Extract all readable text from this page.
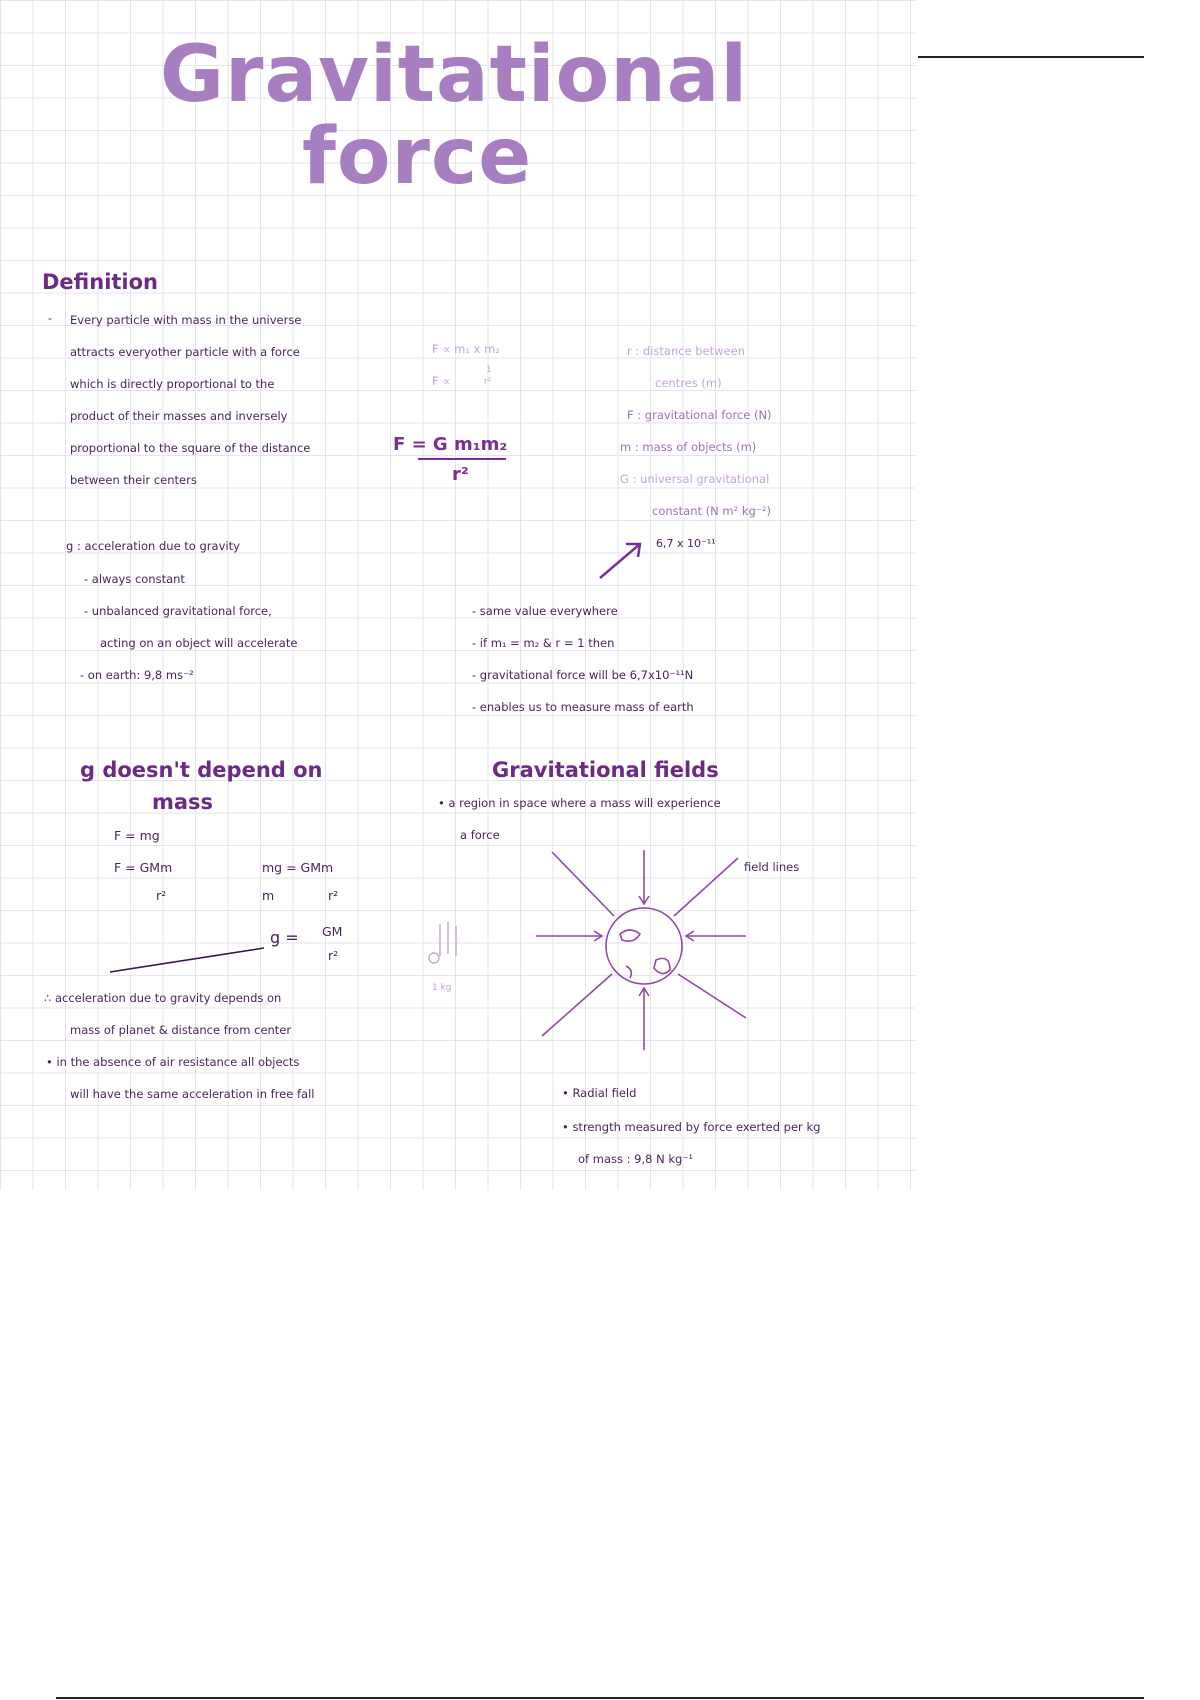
Gravitational
force
Definition
- Every particle with mass in the universe
attracts everyother particle with a force
which is directly proportional to the
product of their masses and inversely
proportional to the square of the distance
between their centers
F ∝ m₁ x m₂
F ∝
1
r²
F = G m₁m₂
r²
r : distance between
centres (m)
F : gravitational force (N)
m : mass of objects (m)
G : universal gravitational
constant (N m² kg⁻²)
6,7 x 10⁻¹¹
g : acceleration due to gravity
- always constant
- unbalanced gravitational force,
acting on an object will accelerate
- on earth: 9,8 ms⁻²
- same value everywhere
- if m₁ = m₂ & r = 1 then
- gravitational force will be 6,7x10⁻¹¹N
- enables us to measure mass of earth
g doesn't depend on
mass
F = mg
F = GMm
r²
mg = GMm
m	r²
g = GM
r²
∴ acceleration due to gravity depends on
mass of planet & distance from center
• in the absence of air resistance all objects
will have the same acceleration in free fall
Gravitational fields
• a region in space where a mass will experience
a force
field lines
1 kg
• Radial field
• strength measured by force exerted per kg
of mass : 9,8 N kg⁻¹
